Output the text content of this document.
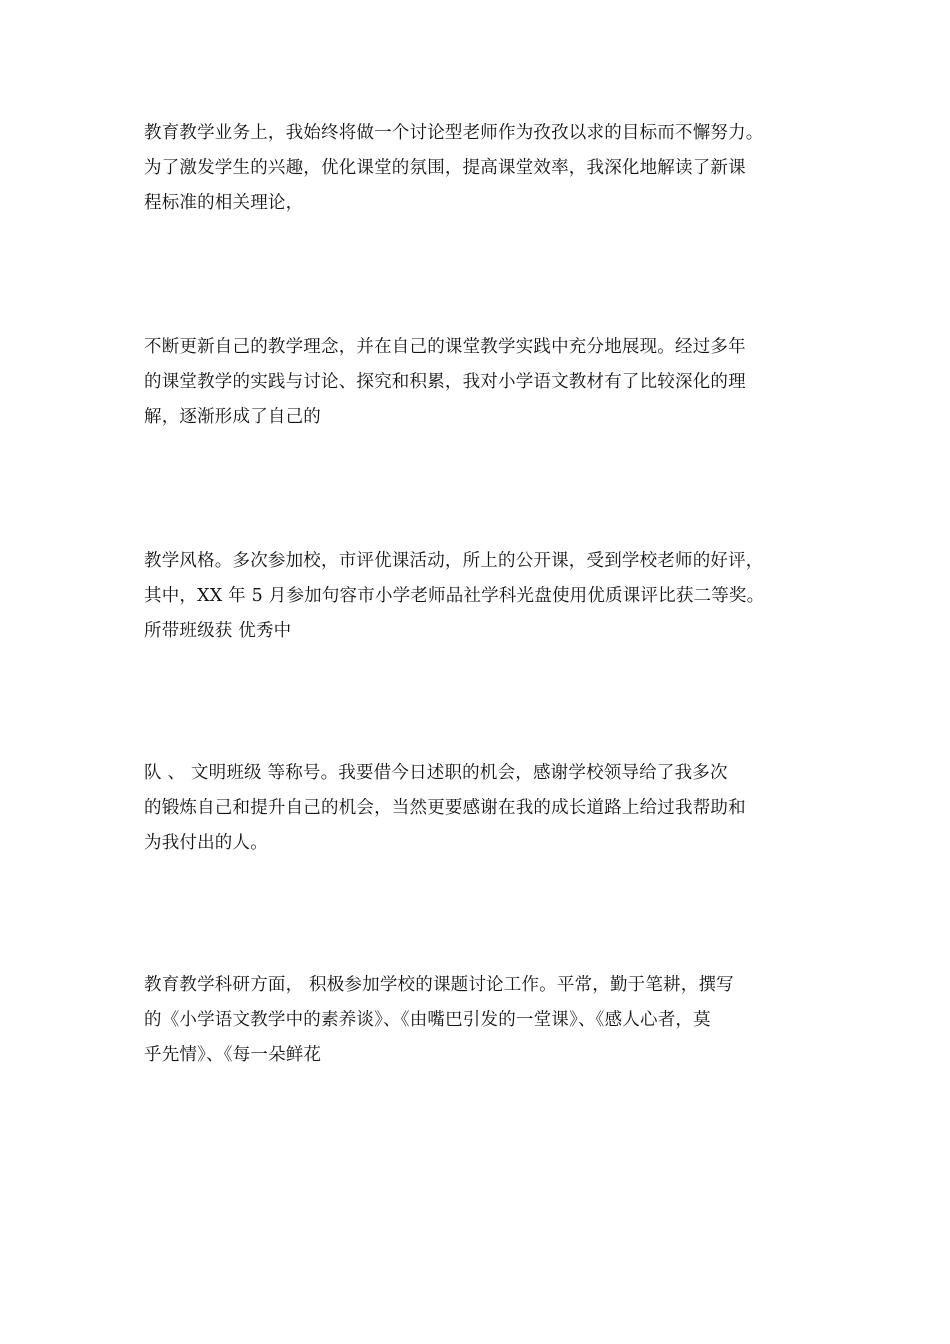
教育教学业务上，我始终将做一个讨论型老师作为孜孜以求的目标而不懈努力。
为了激发学生的兴趣，优化课堂的氛围，提高课堂效率，我深化地解读了新课
程标准的相关理论，
不断更新自己的教学理念，并在自己的课堂教学实践中充分地展现。经过多年
的课堂教学的实践与讨论、探究和积累，我对小学语文教材有了比较深化的理
解，逐渐形成了自己的
教学风格。多次参加校，市评优课活动，所上的公开课，受到学校老师的好评，
其中，XX 年 5 月参加句容市小学老师品社学科光盘使用优质课评比获二等奖。
所带班级获 优秀中
队 、 文明班级 等称号。我要借今日述职的机会，感谢学校领导给了我多次
的锻炼自己和提升自己的机会，当然更要感谢在我的成长道路上给过我帮助和
为我付出的人。
教育教学科研方面， 积极参加学校的课题讨论工作。平常，勤于笔耕，撰写
的《小学语文教学中的素养谈》、《由嘴巴引发的一堂课》、《感人心者，莫
乎先情》、《每一朵鲜花
